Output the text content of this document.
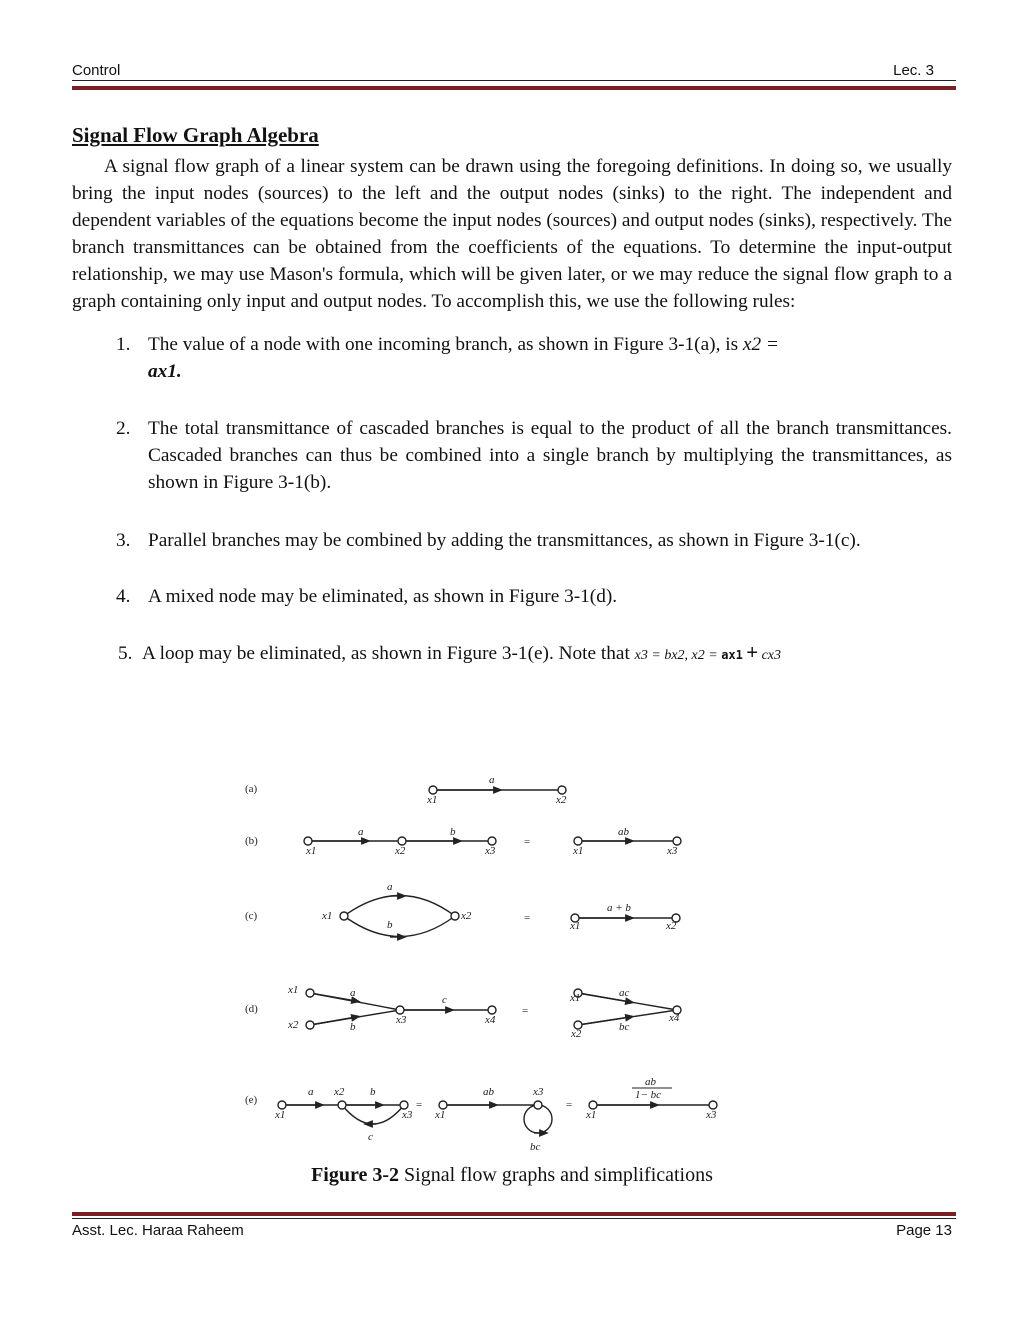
Control	Lec. 3
Signal Flow Graph Algebra

A signal flow graph of a linear system can be drawn using the foregoing definitions. In doing so, we usually bring the input nodes (sources) to the left and the output nodes (sinks) to the right. The independent and dependent variables of the equations become the input nodes (sources) and output nodes (sinks), respectively. The branch transmittances can be obtained from the coefficients of the equations. To determine the input-output relationship, we may use Mason's formula, which will be given later, or we may reduce the signal flow graph to a graph containing only input and output nodes. To accomplish this, we use the following rules:

1. The value of a node with one incoming branch, as shown in Figure 3-1(a), is x2 =
ax1.
2. The total transmittance of cascaded branches is equal to the product of all the branch transmittances. Cascaded branches can thus be combined into a single branch by multiplying the transmittances, as shown in Figure 3-1(b).
3. Parallel branches may be combined by adding the transmittances, as shown in Figure 3-1(c).
4. A mixed node may be eliminated, as shown in Figure 3-1(d).
5. A loop may be eliminated, as shown in Figure 3-1(e). Note that x3 = bx2, x2 = ax1 + cx3
(a)
(b)
(c)
(d)
(e)
a
x1	x2
a	b
x1	x2	x3
=
ab
x1	x3
a
b
x1	x2	=
a + b
x1	x2
x1
x2
a
b
c
x3	x4
=
ac
bc
x1
x2
x4
a	b
c
x1
x2
x3
=
ab	x3
bc
x1
=
ab
1− bc
x1	x3
Figure 3-2 Signal flow graphs and simplifications
Asst. Lec. Haraa Raheem	Page 13
